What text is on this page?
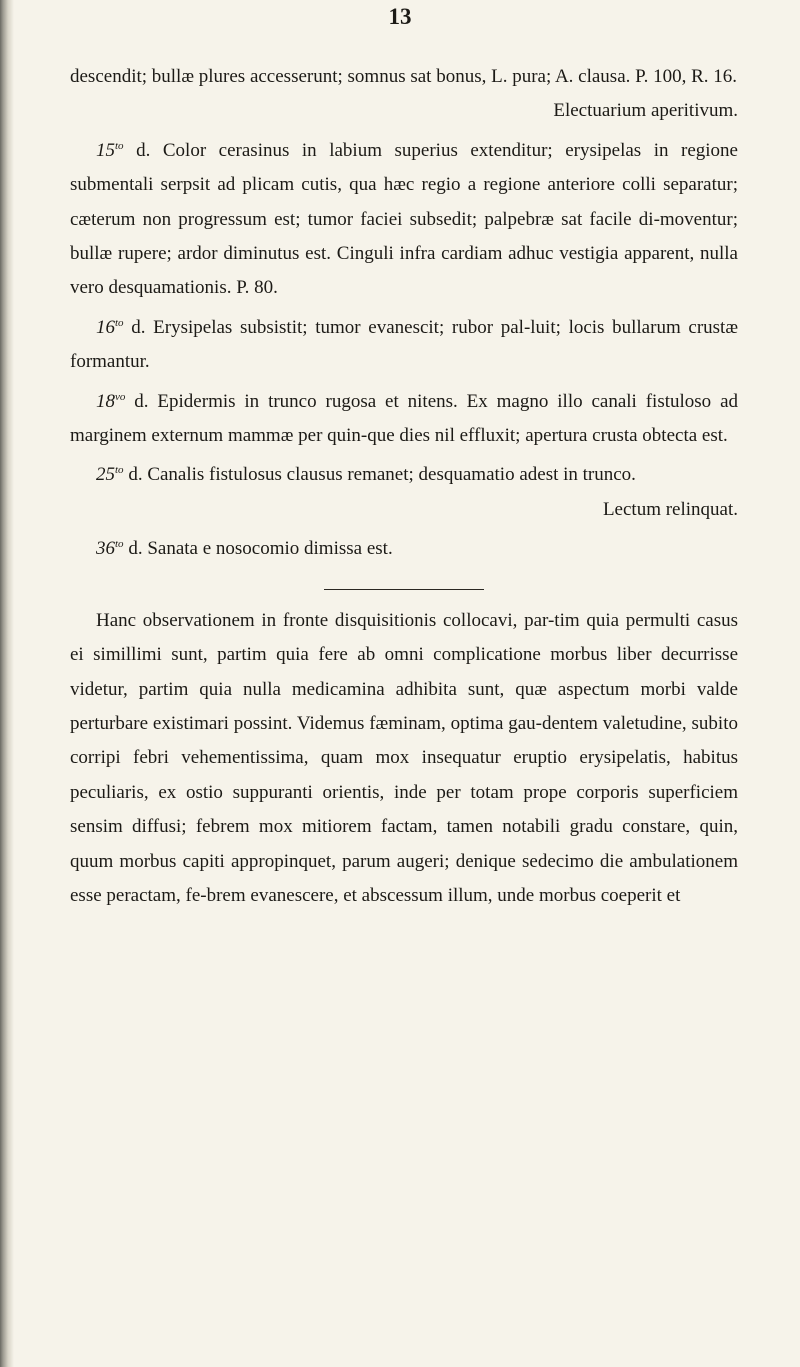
13

descendit; bullæ plures accesserunt; somnus sat bonus, L. pura; A. clausa. P. 100, R. 16.

Electuarium aperitivum.

$15^{to}$ d. Color cerasinus in labium superius extenditur; erysipelas in regione submentali serpsit ad plicam cutis, qua hæc regio a regione anteriore colli separatur; cæterum non progressum est; tumor faciei subsedit; palpebræ sat facile di-moventur; bullæ rupere; ardor diminutus est. Cinguli infra cardiam adhuc vestigia apparent, nulla vero desquamationis. P. 80.

$16^{to}$ d. Erysipelas subsistit; tumor evanescit; rubor pal-luit; locis bullarum crustæ formantur.

$18^{vo}$ d. Epidermis in trunco rugosa et nitens. Ex magno illo canali fistuloso ad marginem externum mammæ per quin-que dies nil effluxit; apertura crusta obtecta est.

$25^{to}$ d. Canalis fistulosus clausus remanet; desquamatio adest in trunco.

Lectum relinquat.

$36^{to}$ d. Sanata e nosocomio dimissa est.

Hanc observationem in fronte disquisitionis collocavi, par-tim quia permulti casus ei simillimi sunt, partim quia fere ab omni complicatione morbus liber decurrisse videtur, partim quia nulla medicamina adhibita sunt, quæ aspectum morbi valde perturbare existimari possint. Videmus fæminam, optima gau-dentem valetudine, subito corripi febri vehementissima, quam mox insequatur eruptio erysipelatis, habitus peculiaris, ex ostio suppuranti orientis, inde per totam prope corporis superficiem sensim diffusi; febrem mox mitiorem factam, tamen notabili gradu constare, quin, quum morbus capiti appropinquet, parum augeri; denique sedecimo die ambulationem esse peractam, fe-brem evanescere, et abscessum illum, unde morbus coeperit et
